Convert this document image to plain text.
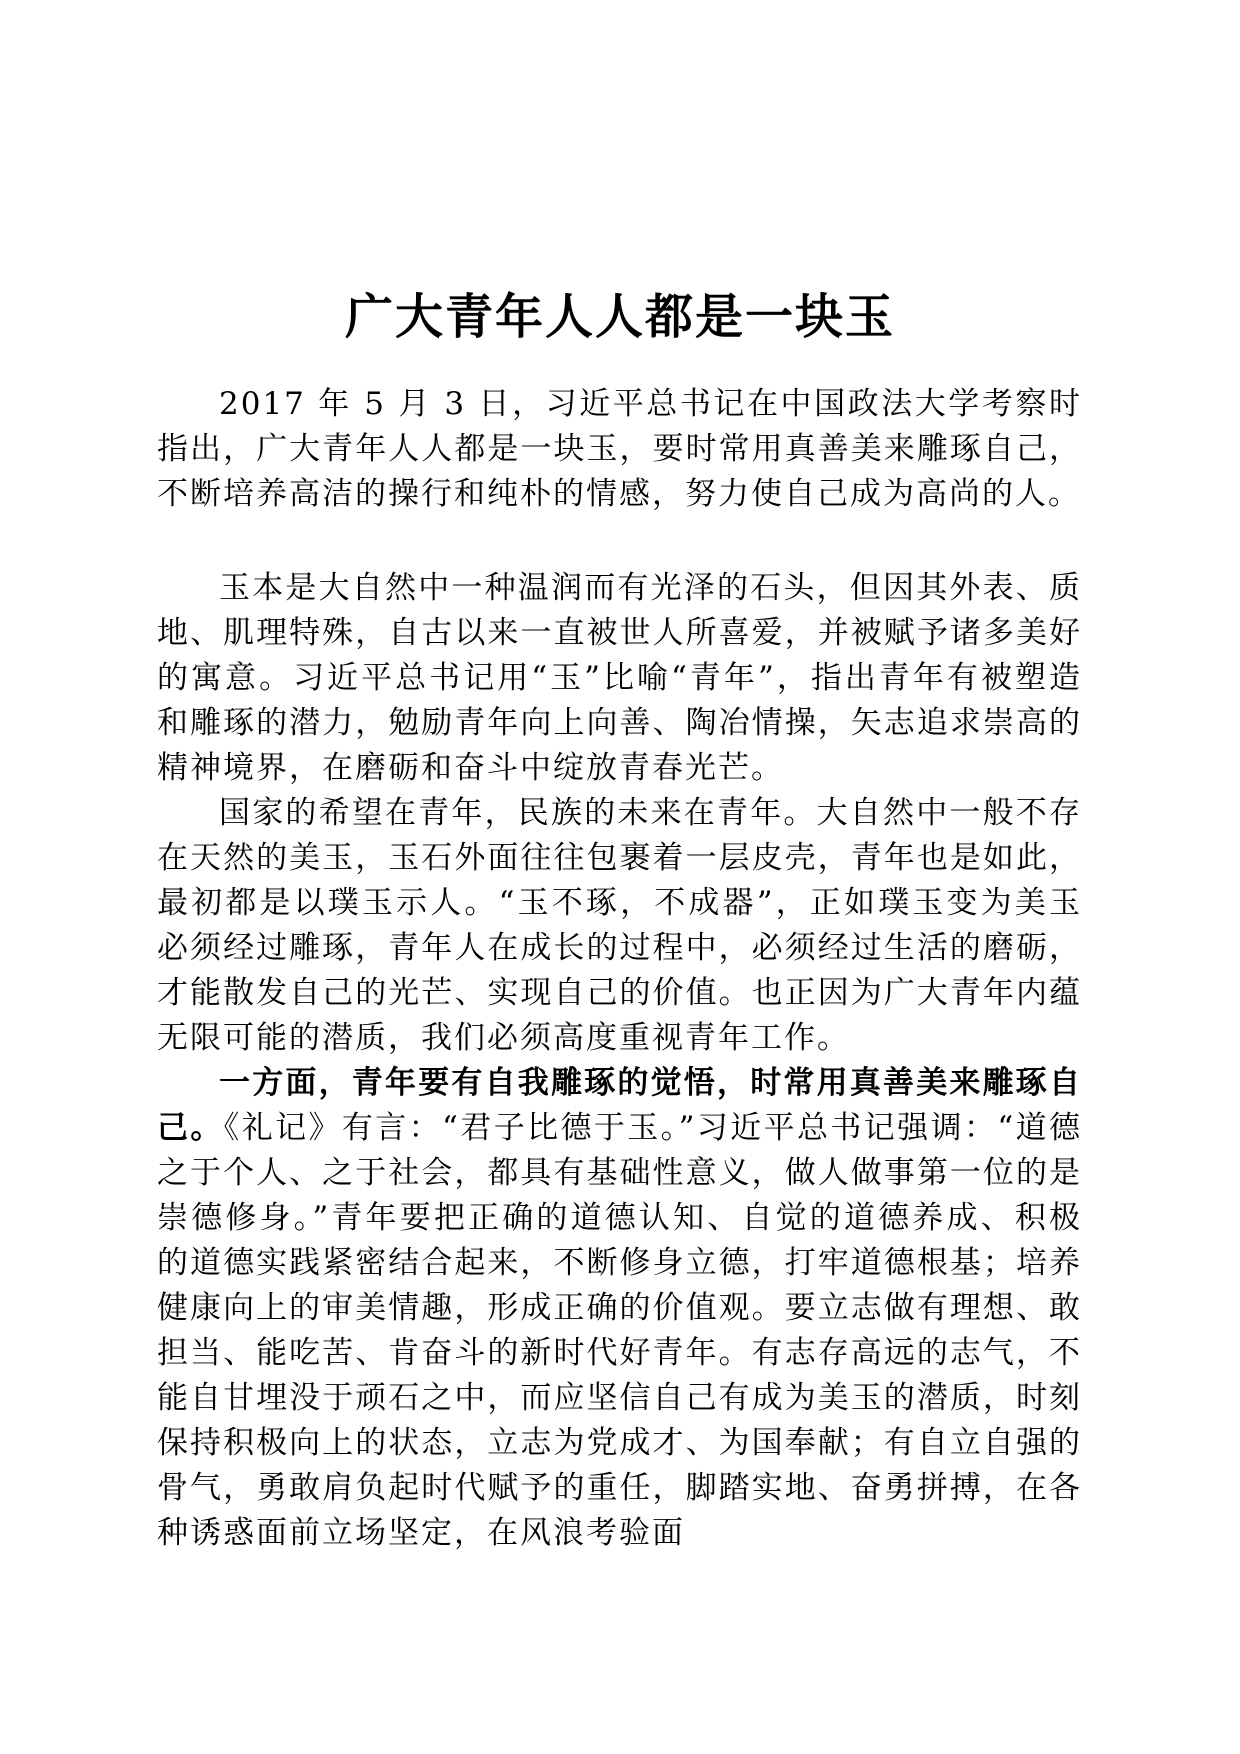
广大青年人人都是一块玉

2017 年 5 月 3 日，习近平总书记在中国政法大学考察时指出，广大青年人人都是一块玉，要时常用真善美来雕琢自己，不断培养高洁的操行和纯朴的情感，努力使自己成为高尚的人。

玉本是大自然中一种温润而有光泽的石头，但因其外表、质地、肌理特殊，自古以来一直被世人所喜爱，并被赋予诸多美好的寓意。习近平总书记用“玉”比喻“青年”，指出青年有被塑造和雕琢的潜力，勉励青年向上向善、陶冶情操，矢志追求崇高的精神境界，在磨砺和奋斗中绽放青春光芒。

国家的希望在青年，民族的未来在青年。大自然中一般不存在天然的美玉，玉石外面往往包裹着一层皮壳，青年也是如此，最初都是以璞玉示人。“玉不琢，不成器”，正如璞玉变为美玉必须经过雕琢，青年人在成长的过程中，必须经过生活的磨砺，才能散发自己的光芒、实现自己的价值。也正因为广大青年内蕴无限可能的潜质，我们必须高度重视青年工作。

一方面，青年要有自我雕琢的觉悟，时常用真善美来雕琢自己。《礼记》有言：“君子比德于玉。”习近平总书记强调：“道德之于个人、之于社会，都具有基础性意义，做人做事第一位的是崇德修身。”青年要把正确的道德认知、自觉的道德养成、积极的道德实践紧密结合起来，不断修身立德，打牢道德根基；培养健康向上的审美情趣，形成正确的价值观。要立志做有理想、敢担当、能吃苦、肯奋斗的新时代好青年。有志存高远的志气，不能自甘埋没于顽石之中，而应坚信自己有成为美玉的潜质，时刻保持积极向上的状态，立志为党成才、为国奉献；有自立自强的骨气，勇敢肩负起时代赋予的重任，脚踏实地、奋勇拼搏，在各种诱惑面前立场坚定，在风浪考验面
